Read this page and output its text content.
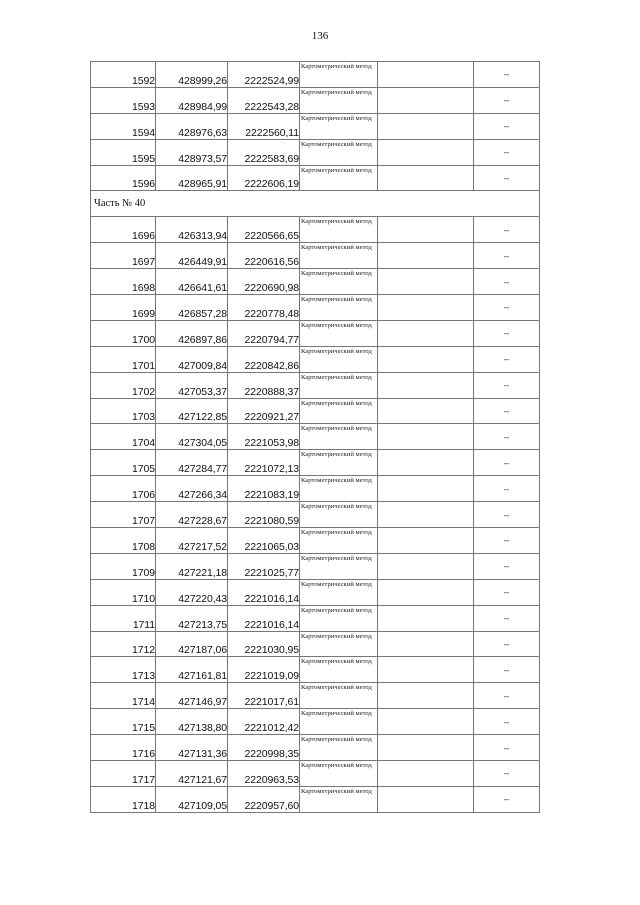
136
1592	428999,26	2222524,99	Картометрический метод		–
1593	428984,99	2222543,28	Картометрический метод		–
1594	428976,63	2222560,11	Картометрический метод		–
1595	428973,57	2222583,69	Картометрический метод		–
1596	428965,91	2222606,19	Картометрический метод		–
Часть № 40					
1696	426313,94	2220566,65	Картометрический метод		–
1697	426449,91	2220616,56	Картометрический метод		–
1698	426641,61	2220690,98	Картометрический метод		–
1699	426857,28	2220778,48	Картометрический метод		–
1700	426897,86	2220794,77	Картометрический метод		–
1701	427009,84	2220842,86	Картометрический метод		–
1702	427053,37	2220888,37	Картометрический метод		–
1703	427122,85	2220921,27	Картометрический метод		–
1704	427304,05	2221053,98	Картометрический метод		–
1705	427284,77	2221072,13	Картометрический метод		–
1706	427266,34	2221083,19	Картометрический метод		–
1707	427228,67	2221080,59	Картометрический метод		–
1708	427217,52	2221065,03	Картометрический метод		–
1709	427221,18	2221025,77	Картометрический метод		–
1710	427220,43	2221016,14	Картометрический метод		–
1711	427213,75	2221016,14	Картометрический метод		–
1712	427187,06	2221030,95	Картометрический метод		–
1713	427161,81	2221019,09	Картометрический метод		–
1714	427146,97	2221017,61	Картометрический метод		–
1715	427138,80	2221012,42	Картометрический метод		–
1716	427131,36	2220998,35	Картометрический метод		–
1717	427121,67	2220963,53	Картометрический метод		–
1718	427109,05	2220957,60	Картометрический метод		–
